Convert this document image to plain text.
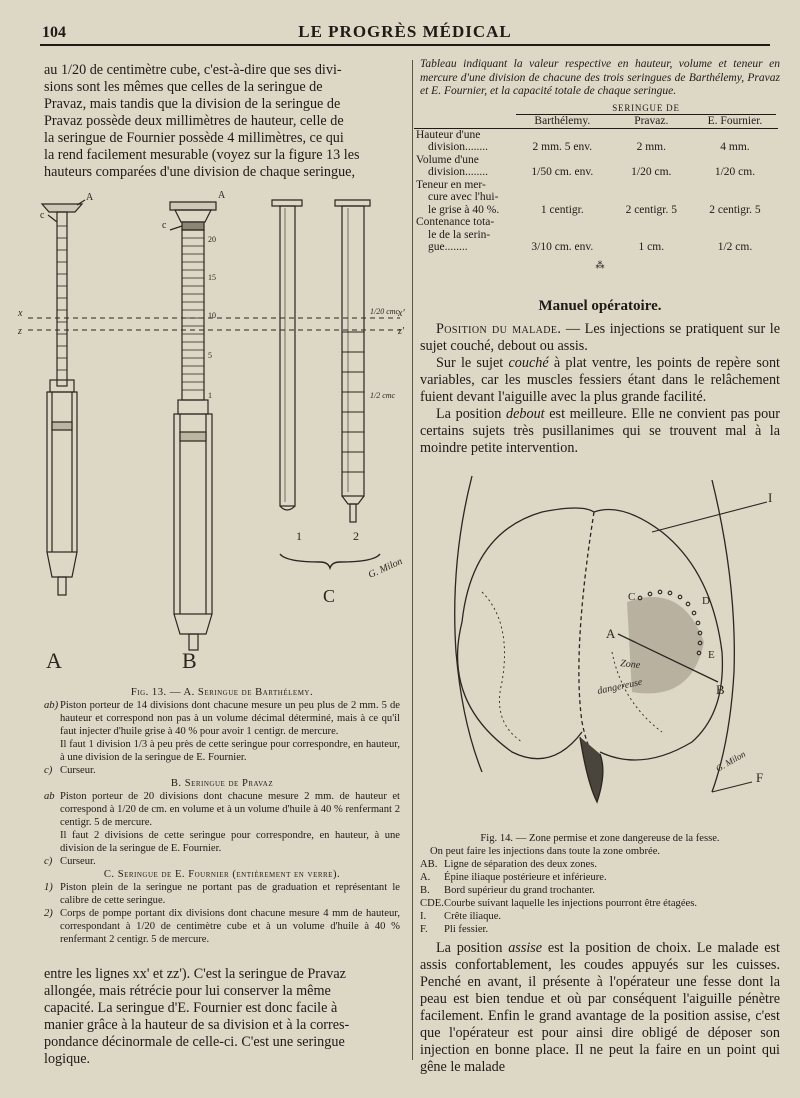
104	LE PROGRÈS MÉDICAL
au 1/20 de centimètre cube, c'est-à-dire que ses divi-
sions sont les mêmes que celles de la seringue de
Pravaz, mais tandis que la division de la seringue de
Pravaz possède deux millimètres de hauteur, celle de
la seringue de Fournier possède 4 millimètres, ce qui
la rend facilement mesurable (voyez sur la figure 13 les
hauteurs comparées d'une division de chaque seringue,
A
c
A
c
20
15
10
5
1
x
z
x'
z'
1/20 cmc
1/2 cmc
1	2
C
A	B
G. Milon

Fig. 13. — A. Seringue de Barthélemy.

ab) Piston porteur de 14 divisions dont chacune mesure un peu plus de 2 mm. 5 de hauteur et correspond non pas à un volume décimal déterminé, mais à ce qu'il faut injecter d'huile grise à 40 % pour avoir 1 centigr. de mercure.

Il faut 1 division 1/3 à peu près de cette seringue pour correspondre, en hauteur, à une division de la seringue de E. Fournier.

c) Curseur.

B. Seringue de Pravaz

ab Piston porteur de 20 divisions dont chacune mesure 2 mm. de hauteur et correspond à 1/20 de cm. en volume et à un volume d'huile à 40 % renfermant 2 centigr. 5 de mercure.

Il faut 2 divisions de cette seringue pour correspondre, en hauteur, à une division de la seringue de E. Fournier.

c) Curseur.

C. Seringue de E. Fournier (entièrement en verre).

1) Piston plein de la seringue ne portant pas de graduation et représentant le calibre de cette seringue.
2) Corps de pompe portant dix divisions dont chacune mesure 4 mm de hauteur, correspondant à 1/20 de centimètre cube et à un volume d'huile à 40 % renfermant 2 centigr. 5 de mercure.
entre les lignes xx' et zz'). C'est la seringue de Pravaz
allongée, mais rétrécie pour lui conserver la même
capacité. La seringue d'E. Fournier est donc facile à
manier grâce à la hauteur de sa division et à la corres-
pondance décinormale de celle-ci. C'est une seringue
logique.
Tableau indiquant la valeur respective en hauteur, volume et teneur en mercure d'une division de chacune des trois seringues de Barthélemy, Pravaz et E. Fournier, et la capacité totale de chaque seringue.
	SERINGUE DE		

	Barthélemy.	Pravaz.	E. Fournier.

Hauteur d'une
division........	2 mm. 5 env.	2 mm.	4 mm.

Volume d'une
division........	1/50 cm. env.	1/20 cm.	1/20 cm.

Teneur en mer-
cure avec l'hui-
le grise à 40 %.	1 centigr.	2 centigr. 5	2 centigr. 5

Contenance tota-
le de la serin-
gue........	3/10 cm. env.	1 cm.	1/2 cm.
⁂
Manuel opératoire.

Position du malade. — Les injections se pratiquent sur le sujet couché, debout ou assis.

Sur le sujet couché à plat ventre, les points de repère sont variables, car les muscles fessiers étant dans le relâchement fuient devant l'aiguille avec la plus grande facilité.

La position debout est meilleure. Elle ne convient pas pour certains sujets très pusillanimes qui se trouvent mal à la moindre petite intervention.

A
B
C	D
E
I
F
Zone
dangereuse
G. Milon

Fig. 14. — Zone permise et zone dangereuse de la fesse.

On peut faire les injections dans toute la zone ombrée.

AB. Ligne de séparation des deux zones.
A.	Épine iliaque postérieure et inférieure.
B.	Bord supérieur du grand trochanter.
CDE. Courbe suivant laquelle les injections pourront être étagées.
I.	Crête iliaque.
F.	Pli fessier.

La position assise est la position de choix. Le malade est assis confortablement, les coudes appuyés sur les cuisses. Penché en avant, il présente à l'opérateur une fesse dont la peau est bien tendue et où par conséquent l'aiguille pénètre facilement. Enfin le grand avantage de la position assise, c'est que l'opérateur est pour ainsi dire obligé de déposer son injection en bonne place. Il ne peut la faire en un point qui gêne le malade
